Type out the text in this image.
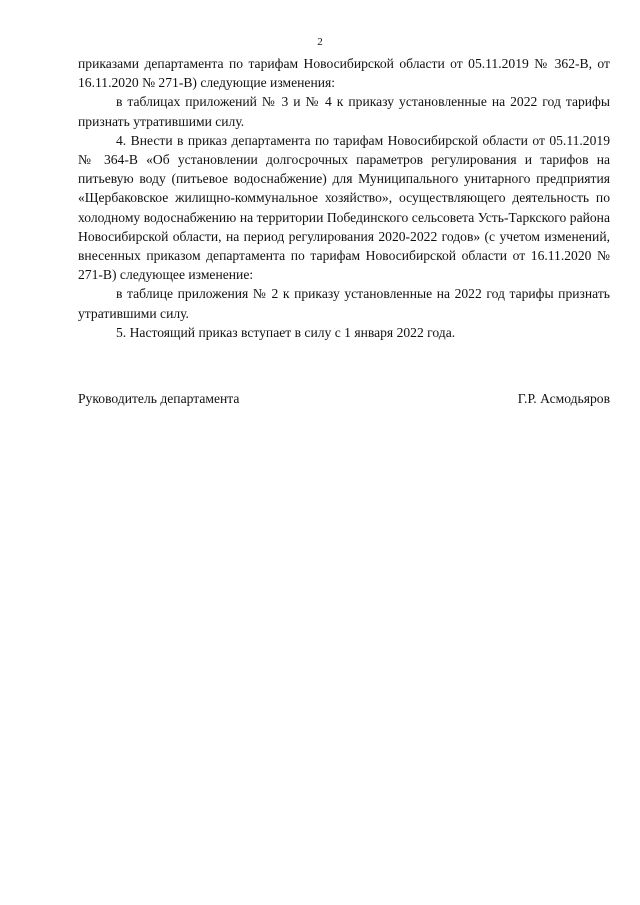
2

приказами департамента по тарифам Новосибирской области от 05.11.2019 № 362-В, от 16.11.2020 № 271-В) следующие изменения:

в таблицах приложений № 3 и № 4 к приказу установленные на 2022 год тарифы признать утратившими силу.

4. Внести в приказ департамента по тарифам Новосибирской области от 05.11.2019 № 364-В «Об установлении долгосрочных параметров регулирования и тарифов на питьевую воду (питьевое водоснабжение) для Муниципального унитарного предприятия «Щербаковское жилищно-коммунальное хозяйство», осуществляющего деятельность по холодному водоснабжению на территории Побединского сельсовета Усть-Таркского района Новосибирской области, на период регулирования 2020-2022 годов» (с учетом изменений, внесенных приказом департамента по тарифам Новосибирской области от 16.11.2020 № 271-В) следующее изменение:

в таблице приложения № 2 к приказу установленные на 2022 год тарифы признать утратившими силу.

5. Настоящий приказ вступает в силу с 1 января 2022 года.

Руководитель департамента	Г.Р. Асмодьяров
